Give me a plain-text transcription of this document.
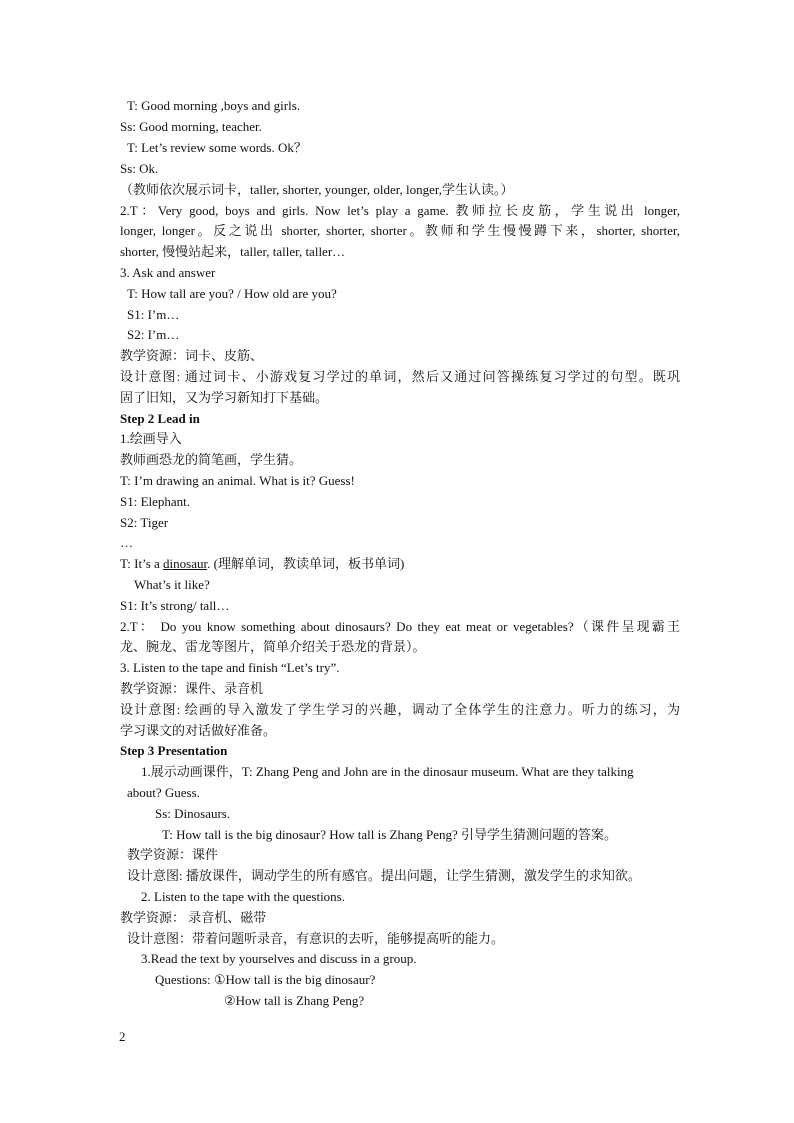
T: Good morning ,boys and girls.
Ss: Good morning, teacher.
T: Let’s review some words. Ok？
Ss: Ok.
（教师依次展示词卡，taller, shorter, younger, older, longer,学生认读。）
2.T：Very good, boys and girls. Now let’s play a game. 教师拉长皮筋，学生说出 longer,
longer, longer。反之说出 shorter, shorter, shorter。教师和学生慢慢蹲下来，shorter, shorter,
shorter, 慢慢站起来，taller, taller, taller…
3. Ask and answer
T: How tall are you? / How old are you?
S1: I’m…
S2: I’m…
教学资源：词卡、皮筋、
设计意图: 通过词卡、小游戏复习学过的单词，然后又通过问答操练复习学过的句型。既巩
固了旧知，又为学习新知打下基础。
Step 2 Lead in
1.绘画导入
教师画恐龙的简笔画，学生猜。
T: I’m drawing an animal. What is it? Guess!
S1: Elephant.
S2: Tiger
…
T: It’s a dinosaur. (理解单词，教读单词，板书单词)
What’s it like?
S1: It’s strong/ tall…
2.T： Do you know something about dinosaurs? Do they eat meat or vegetables?（课件呈现霸王
龙、腕龙、雷龙等图片，简单介绍关于恐龙的背景）。
3. Listen to the tape and finish “Let’s try”.
教学资源：课件、录音机
设计意图: 绘画的导入激发了学生学习的兴趣，调动了全体学生的注意力。听力的练习，为
学习课文的对话做好准备。
Step 3 Presentation
1.展示动画课件，T: Zhang Peng and John are in the dinosaur museum. What are they talking
about? Guess.
Ss: Dinosaurs.
T: How tall is the big dinosaur? How tall is Zhang Peng? 引导学生猜测问题的答案。
教学资源：课件
设计意图: 播放课件，调动学生的所有感官。提出问题，让学生猜测，激发学生的求知欲。
2. Listen to the tape with the questions.
教学资源： 录音机、磁带
设计意图：带着问题听录音，有意识的去听，能够提高听的能力。
3.Read the text by yourselves and discuss in a group.
Questions: ①How tall is the big dinosaur?
②How tall is Zhang Peng?
2
